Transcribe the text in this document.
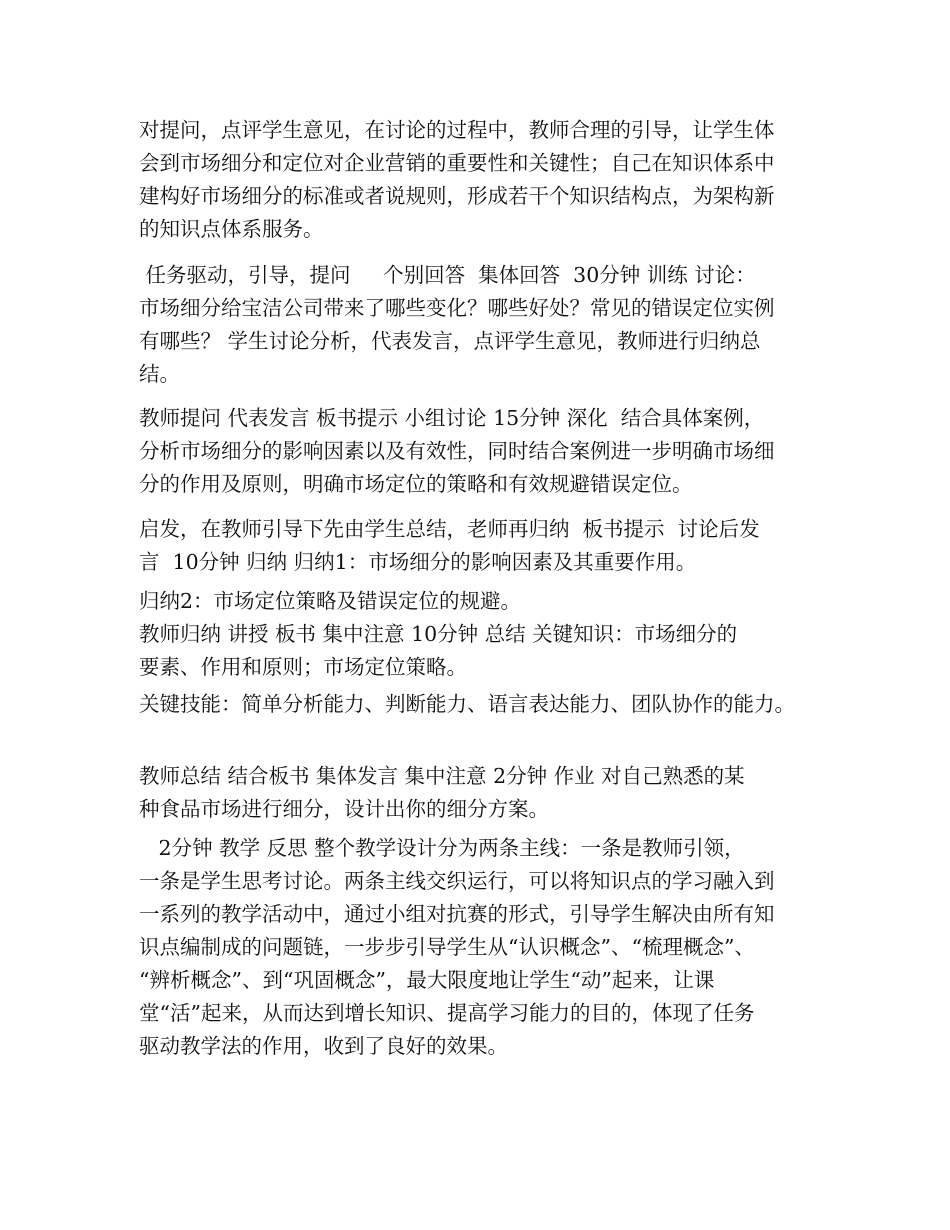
对提问，点评学生意见，在讨论的过程中，教师合理的引导，让学生体

会到市场细分和定位对企业营销的重要性和关键性；自己在知识体系中

建构好市场细分的标准或者说规则，形成若干个知识结构点，为架构新

的知识点体系服务。

任务驱动，引导，提问     个别回答  集体回答  30分钟 训练 讨论：

市场细分给宝洁公司带来了哪些变化？哪些好处？常见的错误定位实例

有哪些？ 学生讨论分析，代表发言，点评学生意见，教师进行归纳总

结。

教师提问 代表发言 板书提示 小组讨论 15分钟 深化  结合具体案例，

分析市场细分的影响因素以及有效性，同时结合案例进一步明确市场细

分的作用及原则，明确市场定位的策略和有效规避错误定位。

启发，在教师引导下先由学生总结，老师再归纳  板书提示  讨论后发

言  10分钟 归纳 归纳1：市场细分的影响因素及其重要作用。

归纳2：市场定位策略及错误定位的规避。

教师归纳 讲授 板书 集中注意 10分钟 总结 关键知识：市场细分的

要素、作用和原则；市场定位策略。

关键技能：简单分析能力、判断能力、语言表达能力、团队协作的能力。

教师总结 结合板书 集体发言 集中注意 2分钟 作业 对自己熟悉的某

种食品市场进行细分，设计出你的细分方案。

2分钟 教学 反思 整个教学设计分为两条主线：一条是教师引领，

一条是学生思考讨论。两条主线交织运行，可以将知识点的学习融入到

一系列的教学活动中，通过小组对抗赛的形式，引导学生解决由所有知

识点编制成的问题链，一步步引导学生从“认识概念”、“梳理概念”、

“辨析概念”、到“巩固概念”，最大限度地让学生“动”起来，让课

堂“活”起来，从而达到增长知识、提高学习能力的目的，体现了任务

驱动教学法的作用，收到了良好的效果。
